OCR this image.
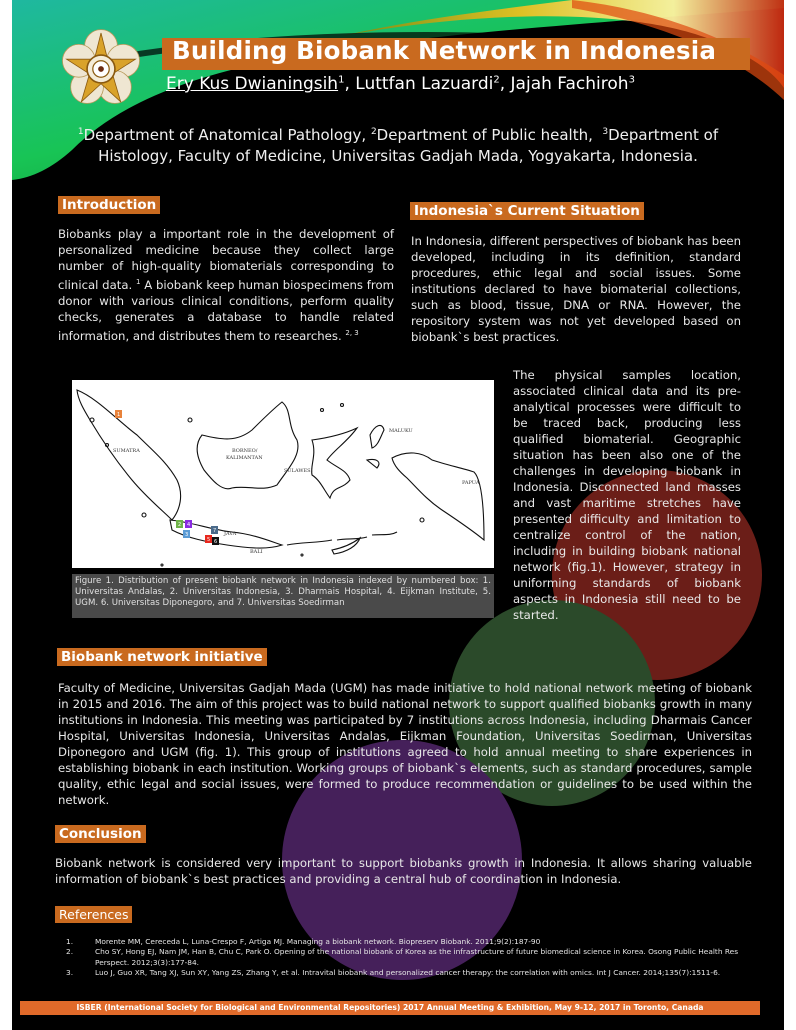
Building Biobank Network in Indonesia
Ery Kus Dwianingsih$^1$, Luttfan Lazuardi$^2$, Jajah Fachiroh$^3$
$^1$Department of Anatomical Pathology, $^2$Department of Public health,  $^3$Department of
Histology, Faculty of Medicine, Universitas Gadjah Mada, Yogyakarta, Indonesia.
Introduction
Biobanks play a important role in the development of personalized medicine because they collect large number of high-quality biomaterials corresponding to clinical data. $^1$ A biobank keep human biospecimens from donor with various clinical conditions, perform quality checks, generates a database to handle related information, and distributes them to researches. $^{2, 3}$
Indonesia`s Current Situation
In Indonesia, different perspectives of biobank has been developed, including in its definition, standard procedures, ethic legal and social issues. Some institutions declared to have biomaterial collections, such as blood, tissue, DNA or RNA. However, the repository system was not yet developed based on biobank`s best practices.
The physical samples location, associated clinical data and its pre-analytical processes were difficult to be traced back, producing less qualified biomaterial. Geographic situation has been also one of the challenges in developing biobank in Indonesia. Disconnected land masses and vast maritime stretches have presented difficulty and limitation to centralize control of the nation, including in building biobank national network (fig.1). However, strategy in uniforming standards of biobank aspects in Indonesia still need to be started.
SUMATRA	BORNEO/
KALIMANTAN
SULAWESI
MALUKU
PAPUA
JAVA
BALI
1
2
3
4
5 6
7
Figure 1. Distribution of present biobank network in Indonesia indexed by numbered box: 1. Universitas Andalas, 2. Universitas Indonesia, 3. Dharmais Hospital, 4. Eijkman Institute, 5. UGM. 6. Universitas Diponegoro, and 7. Universitas Soedirman
Biobank network initiative
Faculty of Medicine, Universitas Gadjah Mada (UGM) has made initiative to hold national network meeting of biobank in 2015 and 2016. The aim of this project was to build national network to support qualified biobanks growth in many institutions in Indonesia. This meeting was participated by 7 institutions across Indonesia, including Dharmais Cancer Hospital, Universitas Indonesia, Universitas Andalas, Eijkman Foundation, Universitas Soedirman, Universitas Diponegoro and UGM (fig. 1). This group of institutions agreed to hold annual meeting to share experiences in establishing biobank in each institution. Working groups of biobank`s elements, such as standard procedures, sample quality, ethic legal and social issues, were formed to produce recommendation or guidelines to be used within the network.
Conclusion
Biobank network is considered very important to support biobanks growth in Indonesia. It allows sharing valuable information of biobank`s best practices and providing a central hub of coordination in Indonesia.
References
1.	Morente MM, Cereceda L, Luna-Crespo F, Artiga MJ. Managing a biobank network. Biopreserv Biobank. 2011;9(2):187-90
2.	Cho SY, Hong EJ, Nam JM, Han B, Chu C, Park O. Opening of the national biobank of Korea as the infrastructure of future biomedical science in Korea. Osong Public Health Res Perspect. 2012;3(3):177-84.
3.	Luo J, Guo XR, Tang XJ, Sun XY, Yang ZS, Zhang Y, et al. Intravital biobank and personalized cancer therapy: the correlation with omics. Int J Cancer. 2014;135(7):1511-6.
ISBER (International Society for Biological and Environmental Repositories) 2017 Annual Meeting & Exhibition, May 9-12, 2017 in Toronto, Canada
